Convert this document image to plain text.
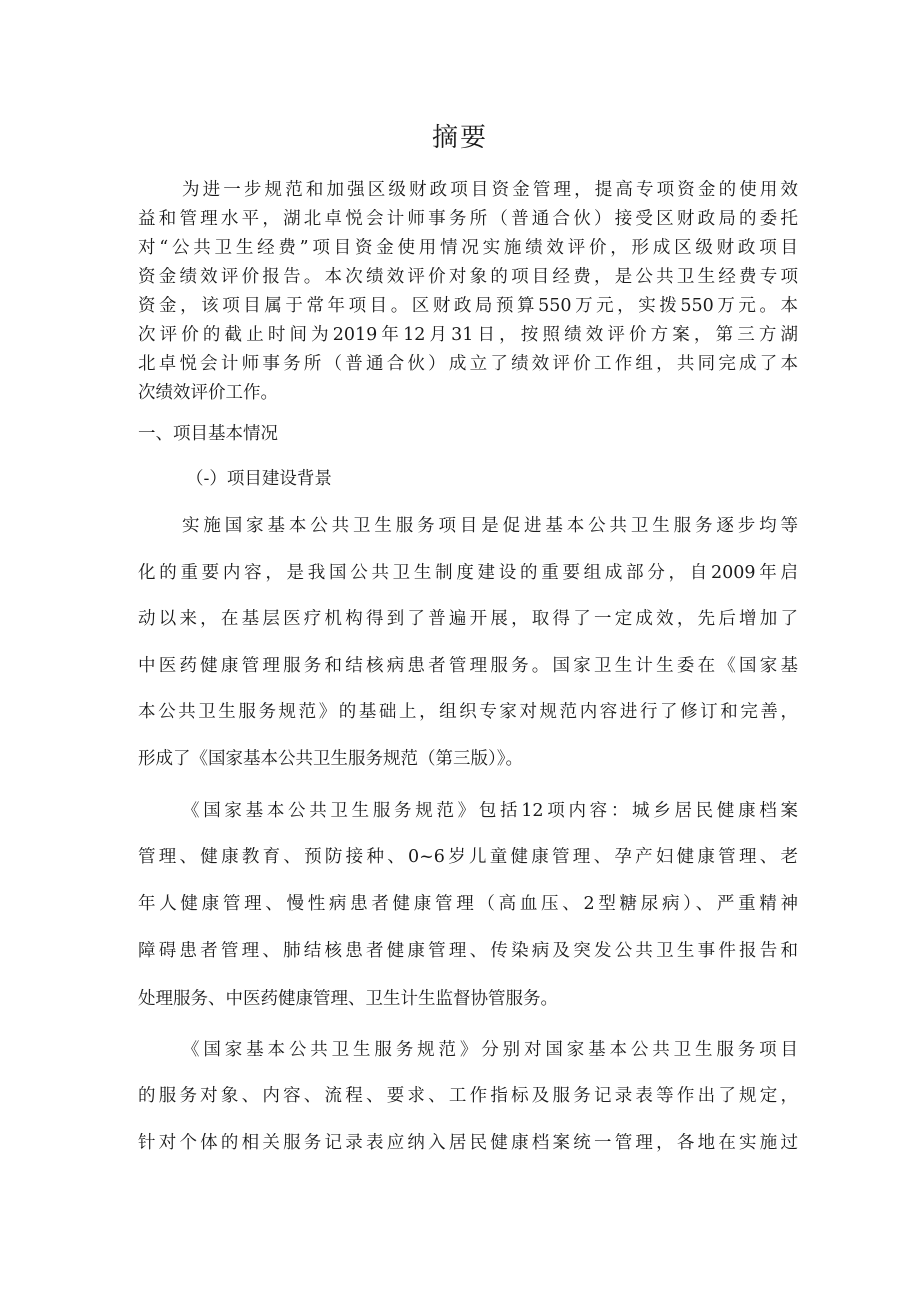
摘要
为进一步规范和加强区级财政项目资金管理，提高专项资金的使用效
益和管理水平，湖北卓悦会计师事务所（普通合伙）接受区财政局的委托
对“公共卫生经费”项目资金使用情况实施绩效评价，形成区级财政项目
资金绩效评价报告。本次绩效评价对象的项目经费，是公共卫生经费专项
资金，该项目属于常年项目。区财政局预算550万元，实拨550万元。本
次评价的截止时间为2019年12月31日，按照绩效评价方案，第三方湖
北卓悦会计师事务所（普通合伙）成立了绩效评价工作组，共同完成了本
次绩效评价工作。
一、项目基本情况
（-）项目建设背景
实施国家基本公共卫生服务项目是促进基本公共卫生服务逐步均等
化的重要内容，是我国公共卫生制度建设的重要组成部分，自2009年启
动以来，在基层医疗机构得到了普遍开展，取得了一定成效，先后增加了
中医药健康管理服务和结核病患者管理服务。国家卫生计生委在《国家基
本公共卫生服务规范》的基础上，组织专家对规范内容进行了修订和完善，
形成了《国家基本公共卫生服务规范（第三版）》。
《国家基本公共卫生服务规范》包括12项内容：城乡居民健康档案
管理、健康教育、预防接种、0~6岁儿童健康管理、孕产妇健康管理、老
年人健康管理、慢性病患者健康管理（高血压、2型糖尿病）、严重精神
障碍患者管理、肺结核患者健康管理、传染病及突发公共卫生事件报告和
处理服务、中医药健康管理、卫生计生监督协管服务。
《国家基本公共卫生服务规范》分别对国家基本公共卫生服务项目
的服务对象、内容、流程、要求、工作指标及服务记录表等作出了规定，
针对个体的相关服务记录表应纳入居民健康档案统一管理，各地在实施过
